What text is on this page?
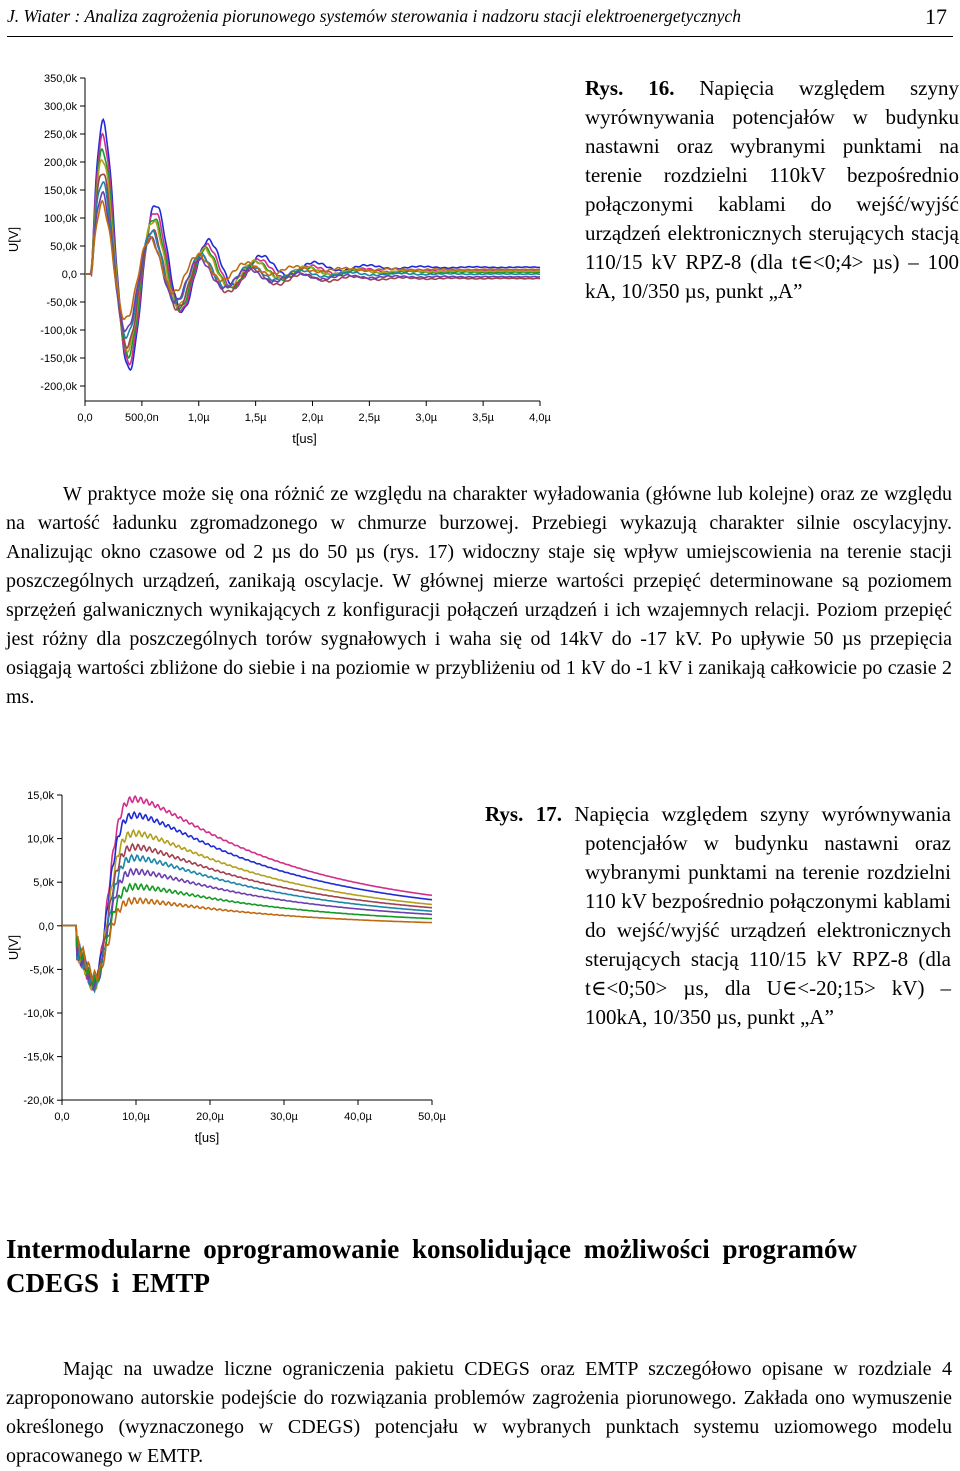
J. Wiater : Analiza zagrożenia piorunowego systemów sterowania i nadzoru stacji elektroenergetycznych	17
350,0k
300,0k
250,0k
200,0k
150,0k
100,0k
50,0k
0,0
-50,0k
-100,0k
-150,0k
-200,0k
0,0	500,0n	1,0µ	1,5µ	2,0µ	2,5µ	3,0µ	3,5µ	4,0µ
U[V]
t[us]
Rys. 16. Napięcia względem szyny wyrównywania potencjałów w budynku nastawni oraz wybranymi punktami na terenie rozdzielni 110kV bezpośrednio połączonymi kablami do wejść/wyjść urządzeń elektronicznych sterujących stacją 110/15 kV RPZ-8 (dla t∈<0;4> µs) – 100 kA, 10/350 µs, punkt „A”
W praktyce może się ona różnić ze względu na charakter wyładowania (główne lub kolejne) oraz ze względu na wartość ładunku zgromadzonego w chmurze burzowej. Przebiegi wykazują charakter silnie oscylacyjny. Analizując okno czasowe od 2 µs do 50 µs (rys. 17) widoczny staje się wpływ umiejscowienia na terenie stacji poszczególnych urządzeń, zanikają oscylacje. W głównej mierze wartości przepięć determinowane są poziomem sprzężeń galwanicznych wynikających z konfiguracji połączeń urządzeń i ich wzajemnych relacji. Poziom przepięć jest różny dla poszczególnych torów sygnałowych i waha się od 14kV do -17 kV. Po upływie 50 µs przepięcia osiągają wartości zbliżone do siebie i na poziomie w przybliżeniu od 1 kV do -1 kV i zanikają całkowicie po czasie 2 ms.
15,0k
10,0k
5,0k
0,0
-5,0k
-10,0k
-15,0k
-20,0k
0,0	10,0µ	20,0µ	30,0µ	40,0µ	50,0µ
U[V]
t[us]
Rys. 17. Napięcia względem szyny wyrównywania potencjałów w budynku nastawni oraz wybranymi punktami na terenie rozdzielni 110 kV bezpośrednio połączonymi kablami do wejść/wyjść urządzeń elektronicznych sterujących stacją 110/15 kV RPZ-8 (dla t∈<0;50> µs, dla U∈<-20;15> kV) – 100kA, 10/350 µs, punkt „A”
Intermodularne oprogramowanie konsolidujące możliwości programów CDEGS i EMTP
Mając na uwadze liczne ograniczenia pakietu CDEGS oraz EMTP szczegółowo opisane w rozdziale 4 zaproponowano autorskie podejście do rozwiązania problemów zagrożenia piorunowego. Zakłada ono wymuszenie określonego (wyznaczonego w CDEGS) potencjału w wybranych punktach systemu uziomowego modelu opracowanego w EMTP.
